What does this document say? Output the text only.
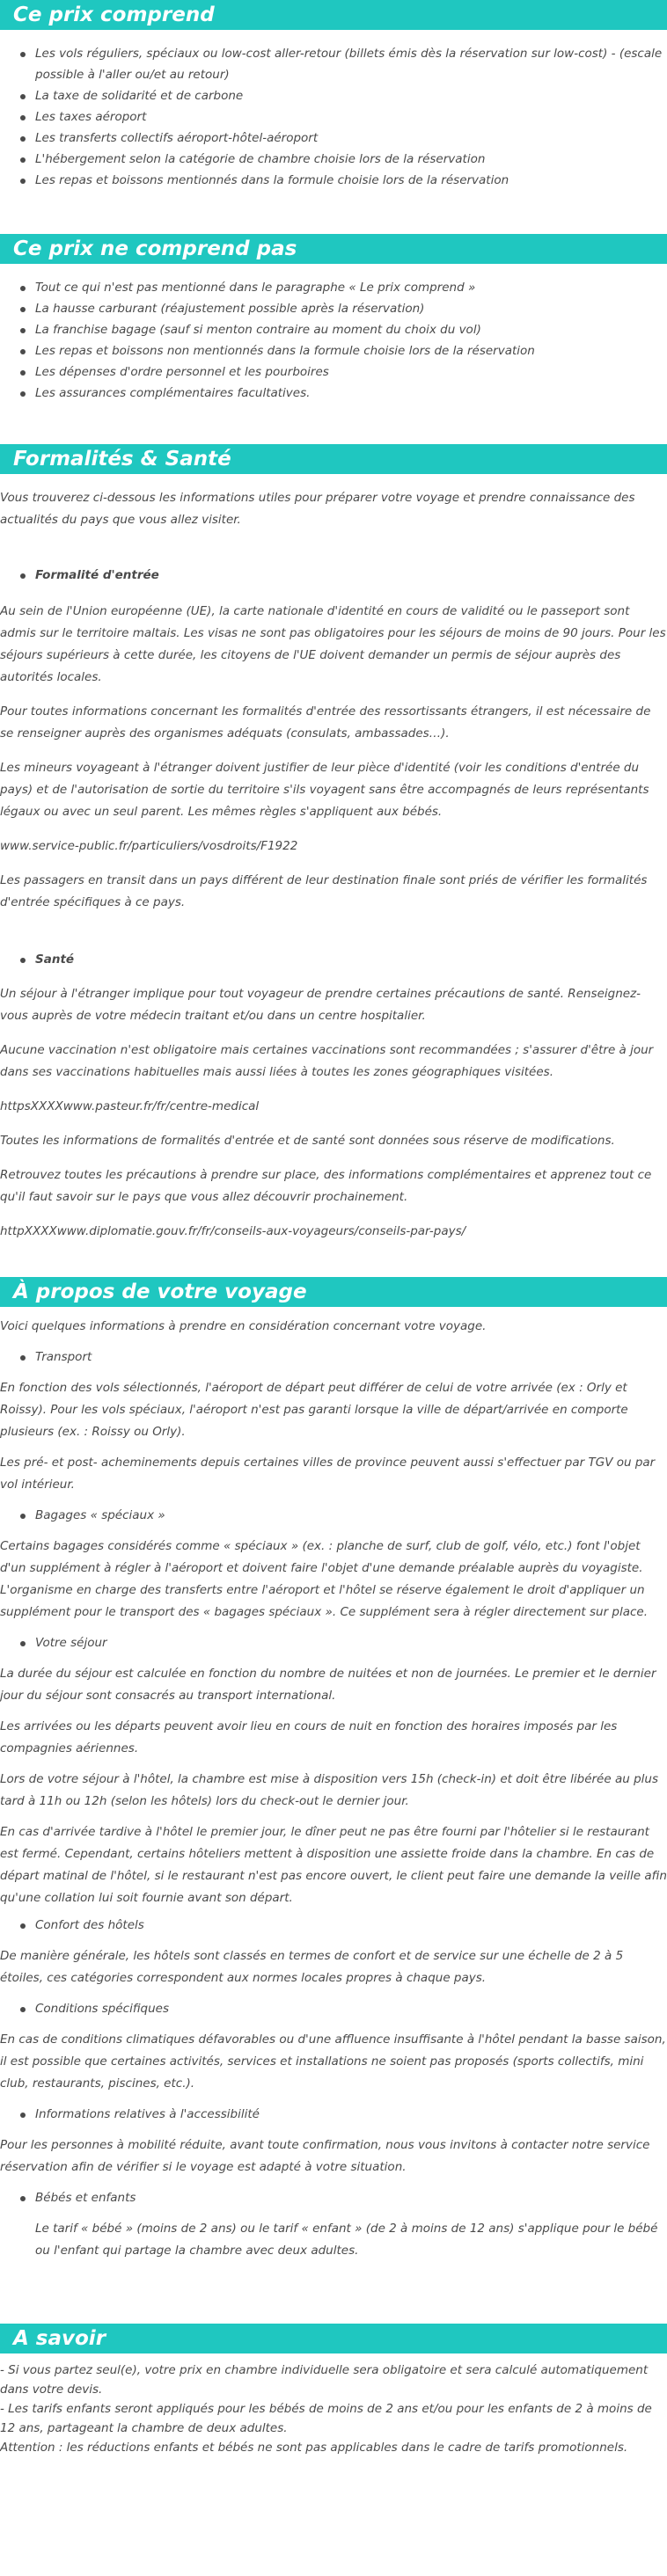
Ce prix comprend
Les vols réguliers, spéciaux ou low-cost aller-retour (billets émis dès la réservation sur low-cost) - (escale possible à l'aller ou/et au retour)
La taxe de solidarité et de carbone
Les taxes aéroport
Les transferts collectifs aéroport-hôtel-aéroport
L'hébergement selon la catégorie de chambre choisie lors de la réservation
Les repas et boissons mentionnés dans la formule choisie lors de la réservation
Ce prix ne comprend pas
Tout ce qui n'est pas mentionné dans le paragraphe « Le prix comprend »
La hausse carburant (réajustement possible après la réservation)
La franchise bagage (sauf si menton contraire au moment du choix du vol)
Les repas et boissons non mentionnés dans la formule choisie lors de la réservation
Les dépenses d'ordre personnel et les pourboires
Les assurances complémentaires facultatives.
Formalités & Santé

Vous trouverez ci-dessous les informations utiles pour préparer votre voyage et prendre connaissance des actualités du pays que vous allez visiter.

Formalité d'entrée

Au sein de l'Union européenne (UE), la carte nationale d'identité en cours de validité ou le passeport sont admis sur le territoire maltais. Les visas ne sont pas obligatoires pour les séjours de moins de 90 jours. Pour les séjours supérieurs à cette durée, les citoyens de l'UE doivent demander un permis de séjour auprès des autorités locales.

Pour toutes informations concernant les formalités d'entrée des ressortissants étrangers, il est nécessaire de se renseigner auprès des organismes adéquats (consulats, ambassades…).

Les mineurs voyageant à l'étranger doivent justifier de leur pièce d'identité (voir les conditions d'entrée du pays) et de l'autorisation de sortie du territoire s'ils voyagent sans être accompagnés de leurs représentants légaux ou avec un seul parent. Les mêmes règles s'appliquent aux bébés.

www.service-public.fr/particuliers/vosdroits/F1922

Les passagers en transit dans un pays différent de leur destination finale sont priés de vérifier les formalités d'entrée spécifiques à ce pays.

Santé

Un séjour à l'étranger implique pour tout voyageur de prendre certaines précautions de santé. Renseignez-vous auprès de votre médecin traitant et/ou dans un centre hospitalier.

Aucune vaccination n'est obligatoire mais certaines vaccinations sont recommandées ; s'assurer d'être à jour dans ses vaccinations habituelles mais aussi liées à toutes les zones géographiques visitées.

httpsXXXXwww.pasteur.fr/fr/centre-medical

Toutes les informations de formalités d'entrée et de santé sont données sous réserve de modifications.

Retrouvez toutes les précautions à prendre sur place, des informations complémentaires et apprenez tout ce qu'il faut savoir sur le pays que vous allez découvrir prochainement.

httpXXXXwww.diplomatie.gouv.fr/fr/conseils-aux-voyageurs/conseils-par-pays/

À propos de votre voyage

Voici quelques informations à prendre en considération concernant votre voyage.

Transport

En fonction des vols sélectionnés, l'aéroport de départ peut différer de celui de votre arrivée (ex : Orly et Roissy). Pour les vols spéciaux, l'aéroport n'est pas garanti lorsque la ville de départ/arrivée en comporte plusieurs (ex. : Roissy ou Orly).

Les pré- et post- acheminements depuis certaines villes de province peuvent aussi s'effectuer par TGV ou par vol intérieur.

Bagages « spéciaux »

Certains bagages considérés comme « spéciaux » (ex. : planche de surf, club de golf, vélo, etc.) font l'objet d'un supplément à régler à l'aéroport et doivent faire l'objet d'une demande préalable auprès du voyagiste. L'organisme en charge des transferts entre l'aéroport et l'hôtel se réserve également le droit d'appliquer un supplément pour le transport des « bagages spéciaux ». Ce supplément sera à régler directement sur place.

Votre séjour

La durée du séjour est calculée en fonction du nombre de nuitées et non de journées. Le premier et le dernier jour du séjour sont consacrés au transport international.

Les arrivées ou les départs peuvent avoir lieu en cours de nuit en fonction des horaires imposés par les compagnies aériennes.

Lors de votre séjour à l'hôtel, la chambre est mise à disposition vers 15h (check-in) et doit être libérée au plus tard à 11h ou 12h (selon les hôtels) lors du check-out le dernier jour.

En cas d'arrivée tardive à l'hôtel le premier jour, le dîner peut ne pas être fourni par l'hôtelier si le restaurant est fermé. Cependant, certains hôteliers mettent à disposition une assiette froide dans la chambre. En cas de départ matinal de l'hôtel, si le restaurant n'est pas encore ouvert, le client peut faire une demande la veille afin qu'une collation lui soit fournie avant son départ.

Confort des hôtels

De manière générale, les hôtels sont classés en termes de confort et de service sur une échelle de 2 à 5 étoiles, ces catégories correspondent aux normes locales propres à chaque pays.

Conditions spécifiques

En cas de conditions climatiques défavorables ou d'une affluence insuffisante à l'hôtel pendant la basse saison, il est possible que certaines activités, services et installations ne soient pas proposés (sports collectifs, mini club, restaurants, piscines, etc.).

Informations relatives à l'accessibilité

Pour les personnes à mobilité réduite, avant toute confirmation, nous vous invitons à contacter notre service réservation afin de vérifier si le voyage est adapté à votre situation.

Bébés et enfants

Le tarif « bébé » (moins de 2 ans) ou le tarif « enfant » (de 2 à moins de 12 ans) s'applique pour le bébé ou l'enfant qui partage la chambre avec deux adultes.

A savoir

- Si vous partez seul(e), votre prix en chambre individuelle sera obligatoire et sera calculé automatiquement dans votre devis.

- Les tarifs enfants seront appliqués pour les bébés de moins de 2 ans et/ou pour les enfants de 2 à moins de 12 ans, partageant la chambre de deux adultes.

Attention : les réductions enfants et bébés ne sont pas applicables dans le cadre de tarifs promotionnels.
